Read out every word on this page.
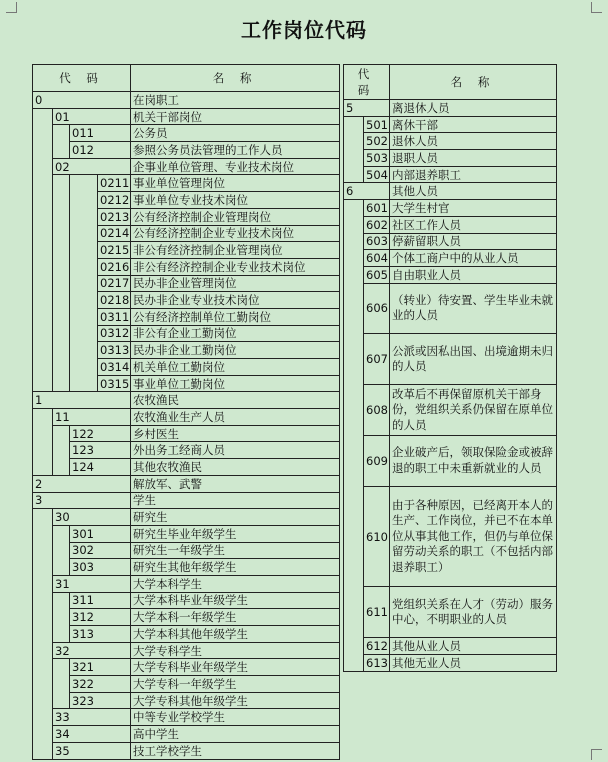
工作岗位代码
代 码				名 称
0				在岗职工
	01			机关干部岗位
		011		公务员
		012		参照公务员法管理的工作人员
	02			企事业单位管理、专业技术岗位
			0211	事业单位管理岗位
			0212	事业单位专业技术岗位
			0213	公有经济控制企业管理岗位
			0214	公有经济控制企业专业技术岗位
			0215	非公有经济控制企业管理岗位
			0216	非公有经济控制企业专业技术岗位
			0217	民办非企业管理岗位
			0218	民办非企业专业技术岗位
			0311	公有经济控制单位工勤岗位
			0312	非公有企业工勤岗位
			0313	民办非企业工勤岗位
			0314	机关单位工勤岗位
			0315	事业单位工勤岗位
1				农牧渔民
	11			农牧渔业生产人员
		122		乡村医生
		123		外出务工经商人员
		124		其他农牧渔民
2				解放军、武警
3				学生
	30			研究生
		301		研究生毕业年级学生
		302		研究生一年级学生
		303		研究生其他年级学生
	31			大学本科学生
		311		大学本科毕业年级学生
		312		大学本科一年级学生
		313		大学本科其他年级学生
	32			大学专科学生
		321		大学专科毕业年级学生
		322		大学专科一年级学生
		323		大学专科其他年级学生
	33			中等专业学校学生
	34			高中学生
	35			技工学校学生
代 码		名 称
5		离退休人员
	501	离休干部
	502	退休人员
	503	退职人员
	504	内部退养职工
6		其他人员
	601	大学生村官
	602	社区工作人员
	603	停薪留职人员
	604	个体工商户中的从业人员
	605	自由职业人员
	606	（转业）待安置、学生毕业未就业的人员
	607	公派或因私出国、出境逾期未归的人员
	608	改革后不再保留原机关干部身份，党组织关系仍保留在原单位的人员
	609	企业破产后，领取保险金或被辞退的职工中未重新就业的人员
	610	由于各种原因，已经离开本人的生产、工作岗位，并已不在本单位从事其他工作，但仍与单位保留劳动关系的职工（不包括内部退养职工）
	611	党组织关系在人才（劳动）服务中心，不明职业的人员
	612	其他从业人员
	613	其他无业人员
